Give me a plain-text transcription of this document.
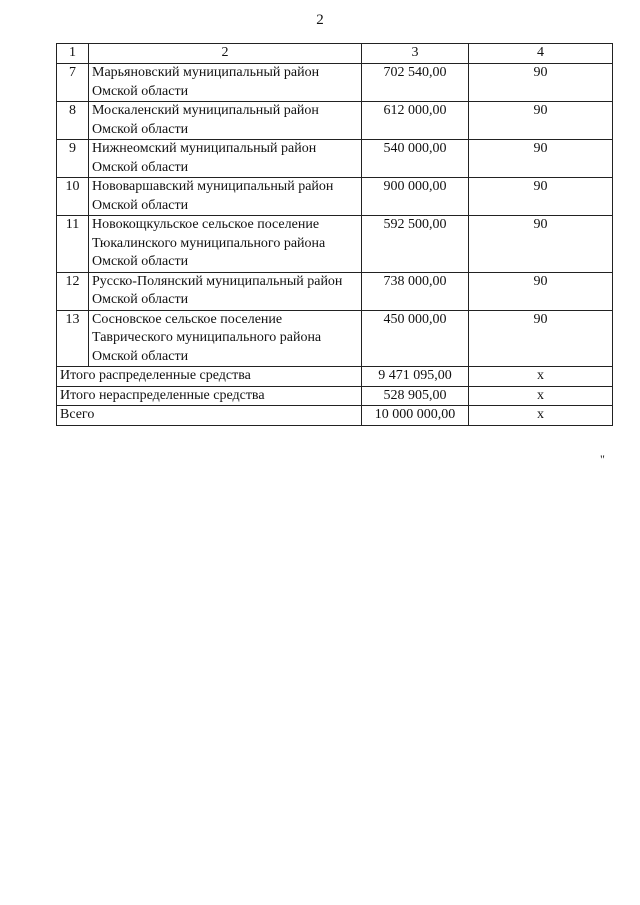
2
1	2	3	4
7	Марьяновский муниципальный район Омской области	702 540,00	90
8	Москаленский муниципальный район Омской области	612 000,00	90
9	Нижнеомский муниципальный район Омской области	540 000,00	90
10	Нововаршавский муниципальный район Омской области	900 000,00	90
11	Новокощкульское сельское поселение Тюкалинского муниципального района Омской области	592 500,00	90
12	Русско-Полянский муниципальный район Омской области	738 000,00	90
13	Сосновское сельское поселение Таврического муниципального района Омской области	450 000,00	90
Итого распределенные средства		9 471 095,00	x
Итого нераспределенные средства		528 905,00	x
Всего		10 000 000,00	x
"
